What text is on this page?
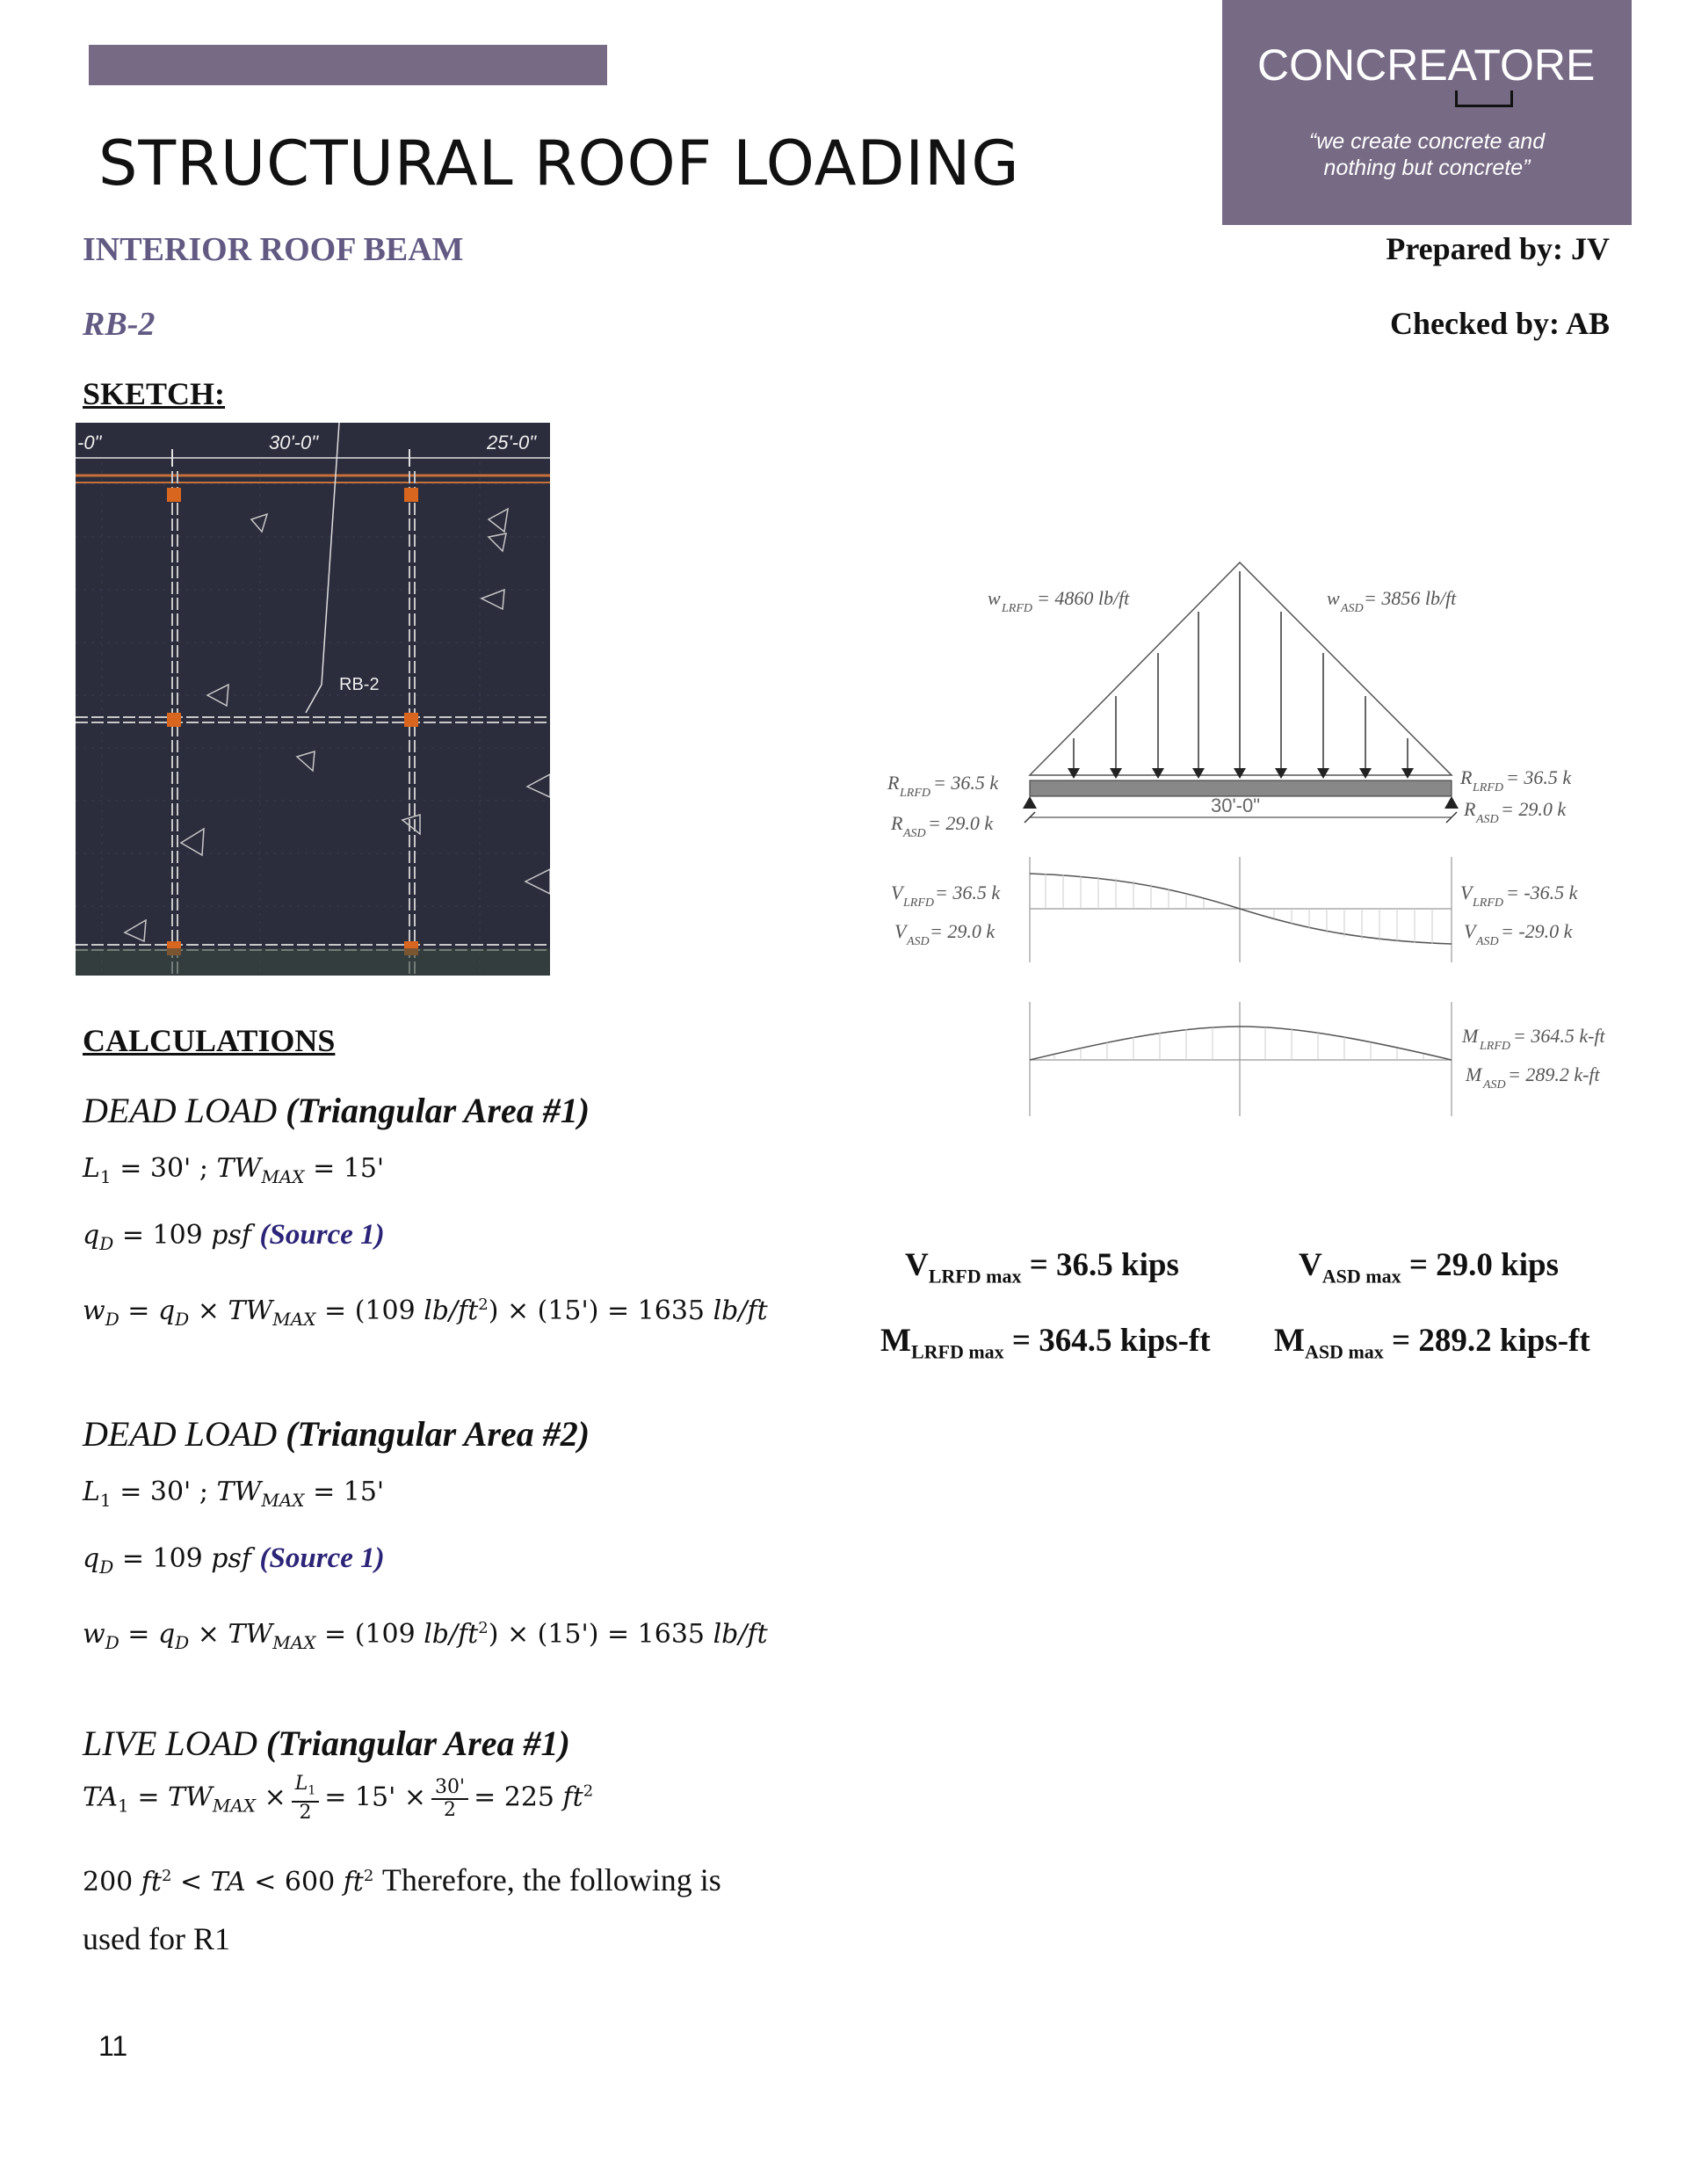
STRUCTURAL ROOF LOADING
CONCREATORE
“we create concrete and
nothing but concrete”
INTERIOR ROOF BEAM
RB-2
Prepared by: JV
Checked by: AB
SKETCH:
-0"	30'-0"	25'-0"
RB-2
30'-0"
w LRFD = 4860 lb/ft	w ASD = 3856 lb/ft
R LRFD = 36.5 k
R ASD = 29.0 k
R LRFD = 36.5 k
R ASD = 29.0 k
V LRFD = 36.5 k
V ASD = 29.0 k
V LRFD = -36.5 k
V ASD = -29.0 k
M LRFD = 364.5 k-ft
M ASD = 289.2 k-ft
$V_{LRFD max} = 36.5$ kips	$V_{ASD max} = 29.0$ kips
$M_{LRFD max} = 364.5$ kips-ft $M_{ASD max} = 289.2$ kips-ft
CALCULATIONS
DEAD LOAD (Triangular Area #1)
$L_1 = 30'$ ; $TW_{MAX} = 15'$
$q_D = 109$ psf (Source 1)
$w_D = q_D \times TW_{MAX} = (109$ $lb/ft^2) \times (15') = 1635$ lb/ft
DEAD LOAD (Triangular Area #2)
$L_1 = 30'$ ; $TW_{MAX} = 15'$
$q_D = 109$ psf (Source 1)
$w_D = q_D \times TW_{MAX} = (109$ $lb/ft^2) \times (15') = 1635$ lb/ft
LIVE LOAD (Triangular Area #1)
$TA_1 = TW_{MAX} \times \frac{L_1}{2} = 15' \times \frac{30'}{2} = 225$ $ft^2$
200 $ft^2$ < TA < 600 $ft^2$ Therefore, the following is
used for R1
11
